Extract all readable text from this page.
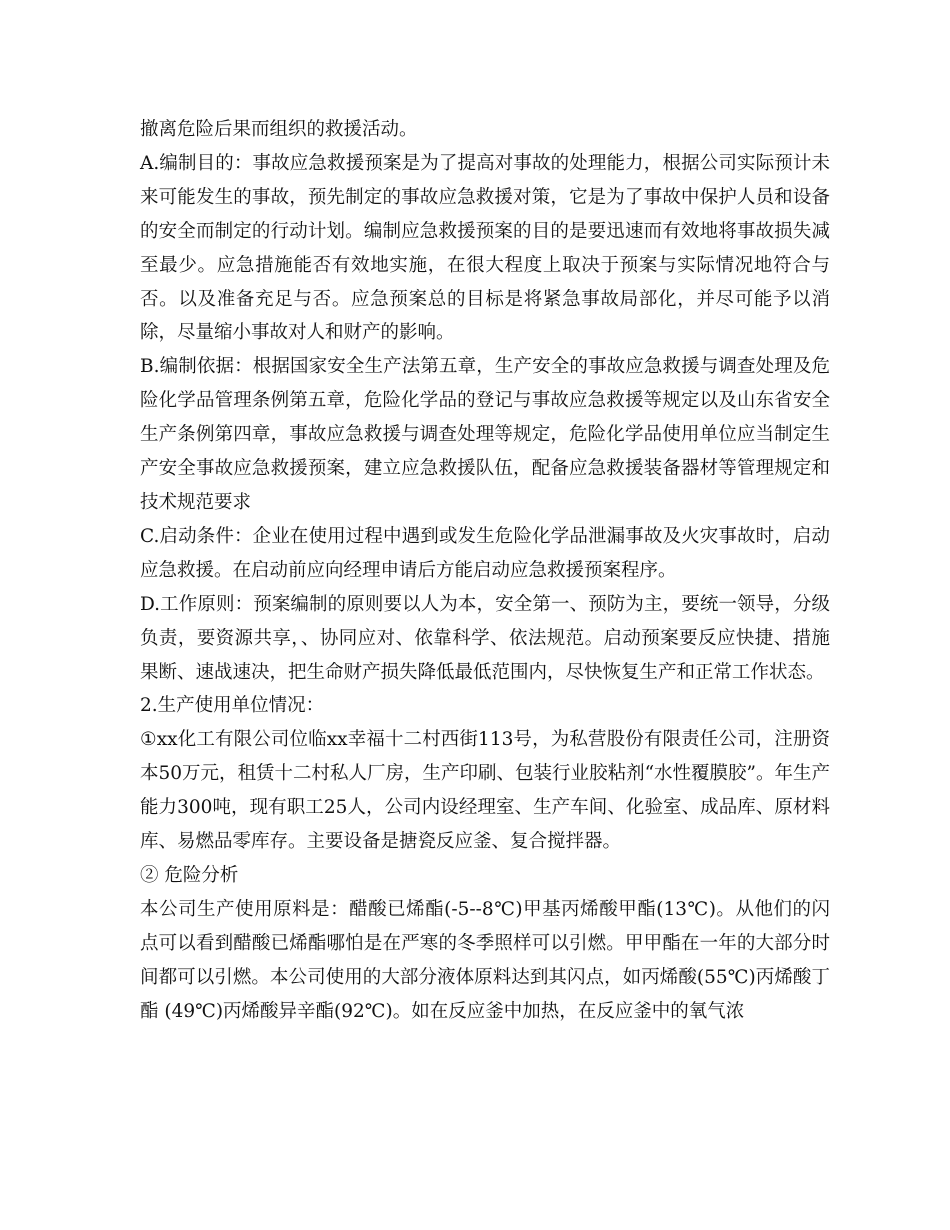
撤离危险后果而组织的救援活动。

A.编制目的：事故应急救援预案是为了提高对事故的处理能力，根据公司实际预计未来可能发生的事故，预先制定的事故应急救援对策，它是为了事故中保护人员和设备的安全而制定的行动计划。编制应急救援预案的目的是要迅速而有效地将事故损失减至最少。应急措施能否有效地实施，在很大程度上取决于预案与实际情况地符合与否。以及准备充足与否。应急预案总的目标是将紧急事故局部化，并尽可能予以消除，尽量缩小事故对人和财产的影响。

B.编制依据：根据国家安全生产法第五章，生产安全的事故应急救援与调查处理及危险化学品管理条例第五章，危险化学品的登记与事故应急救援等规定以及山东省安全生产条例第四章，事故应急救援与调查处理等规定，危险化学品使用单位应当制定生产安全事故应急救援预案，建立应急救援队伍，配备应急救援装备器材等管理规定和技术规范要求

C.启动条件：企业在使用过程中遇到或发生危险化学品泄漏事故及火灾事故时，启动应急救援。在启动前应向经理申请后方能启动应急救援预案程序。

D.工作原则：预案编制的原则要以人为本，安全第一、预防为主，要统一领导，分级负责，要资源共享，、协同应对、依靠科学、依法规范。启动预案要反应快捷、措施果断、速战速决，把生命财产损失降低最低范围内，尽快恢复生产和正常工作状态。

2.生产使用单位情况：

①xx化工有限公司位临xx幸福十二村西街113号，为私营股份有限责任公司，注册资本50万元，租赁十二村私人厂房，生产印刷、包装行业胶粘剂“水性覆膜胶”。年生产能力300吨，现有职工25人，公司内设经理室、生产车间、化验室、成品库、原材料库、易燃品零库存。主要设备是搪瓷反应釜、复合搅拌器。

② 危险分析

本公司生产使用原料是：醋酸已烯酯(-5--8℃)甲基丙烯酸甲酯(13℃)。从他们的闪点可以看到醋酸已烯酯哪怕是在严寒的冬季照样可以引燃。甲甲酯在一年的大部分时间都可以引燃。本公司使用的大部分液体原料达到其闪点，如丙烯酸(55℃)丙烯酸丁酯 (49℃)丙烯酸异辛酯(92℃)。如在反应釜中加热，在反应釜中的氧气浓
